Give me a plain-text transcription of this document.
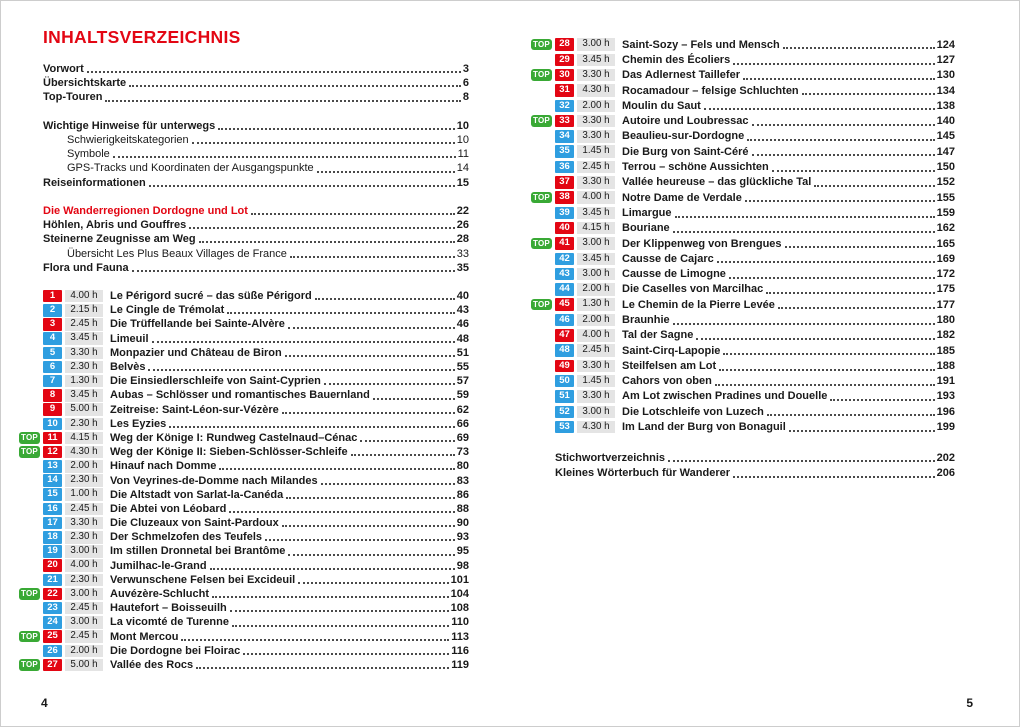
INHALTSVERZEICHNIS
Vorwort	3
Übersichtskarte	6
Top-Touren	8
Wichtige Hinweise für unterwegs	10
Schwierigkeitskategorien	10
Symbole	11
GPS-Tracks und Koordinaten der Ausgangspunkte	14
Reiseinformationen	15
Die Wanderregionen Dordogne und Lot	22
Höhlen, Abris und Gouffres	26
Steinerne Zeugnisse am Weg	28
Übersicht Les Plus Beaux Villages de France	33
Flora und Fauna	35
1	4.00 h	Le Périgord sucré – das süße Périgord	40
2	2.15 h	Le Cingle de Trémolat	43
3	2.45 h	Die Trüffellande bei Sainte-Alvère	46
4	3.45 h	Limeuil	48
5	3.30 h	Monpazier und Château de Biron	51
6	2.30 h	Belvès	55
7	1.30 h	Die Einsiedlerschleife von Saint-Cyprien	57
8	3.45 h	Aubas – Schlösser und romantisches Bauernland	59
9	5.00 h	Zeitreise: Saint-Léon-sur-Vézère	62
10	2.30 h	Les Eyzies	66
TOP	11	4.15 h	Weg der Könige I: Rundweg Castelnaud–Cénac	69
TOP 12	4.30 h	Weg der Könige II: Sieben-Schlösser-Schleife	73
13	2.00 h	Hinauf nach Domme	80
14	2.30 h	Von Veyrines-de-Domme nach Milandes	83
15	1.00 h	Die Altstadt von Sarlat-la-Canéda	86
16	2.45 h	Die Abtei von Léobard	88
17	3.30 h	Die Cluzeaux von Saint-Pardoux	90
18	2.30 h	Der Schmelzofen des Teufels	93
19	3.00 h	Im stillen Dronnetal bei Brantôme	95
20	4.00 h	Jumilhac-le-Grand	98
21	2.30 h	Verwunschene Felsen bei Excideuil	101
TOP 22	3.00 h	Auvézère-Schlucht	104
23	2.45 h	Hautefort – Boisseuilh	108
24	3.00 h	La vicomté de Turenne	110
TOP 25	2.45 h	Mont Mercou	113
26	2.00 h	Die Dordogne bei Floirac	116
TOP 27	5.00 h	Vallée des Rocs	119
TOP 28	3.00 h	Saint-Sozy – Fels und Mensch	124
29	3.45 h	Chemin des Écoliers	127
TOP 30	3.30 h	Das Adlernest Taillefer	130
31	4.30 h	Rocamadour – felsige Schluchten	134
32	2.00 h	Moulin du Saut	138
TOP 33	3.30 h	Autoire und Loubressac	140
34	3.30 h	Beaulieu-sur-Dordogne	145
35	1.45 h	Die Burg von Saint-Céré	147
36	2.45 h	Terrou – schöne Aussichten	150
37	3.30 h	Vallée heureuse – das glückliche Tal	152
TOP 38	4.00 h	Notre Dame de Verdale	155
39	3.45 h	Limargue	159
40	4.15 h	Bouriane	162
TOP 41	3.00 h	Der Klippenweg von Brengues	165
42	3.45 h	Causse de Cajarc	169
43	3.00 h	Causse de Limogne	172
44	2.00 h	Die Caselles von Marcilhac	175
TOP 45	1.30 h	Le Chemin de la Pierre Levée	177
46	2.00 h	Braunhie	180
47	4.00 h	Tal der Sagne	182
48	2.45 h	Saint-Cirq-Lapopie	185
49	3.30 h	Steilfelsen am Lot	188
50	1.45 h	Cahors von oben	191
51	3.30 h	Am Lot zwischen Pradines und Douelle	193
52	3.00 h	Die Lotschleife von Luzech	196
53	4.30 h	Im Land der Burg von Bonaguil	199
Stichwortverzeichnis	202
Kleines Wörterbuch für Wanderer	206
4	5
